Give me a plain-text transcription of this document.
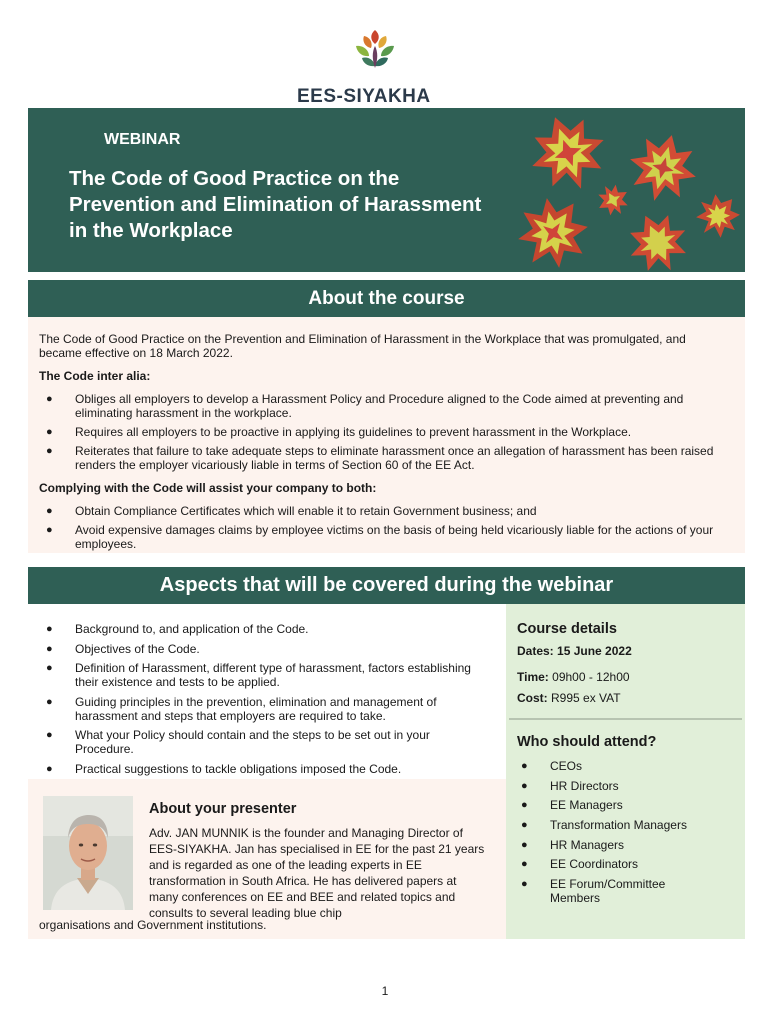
EES-SIYAKHA
WEBINAR
The Code of Good Practice on the Prevention and Elimination of Harassment in the Workplace
About the course

The Code of Good Practice on the Prevention and Elimination of Harassment in the Workplace that was promulgated, and became effective on 18 March 2022.

The Code inter alia:

● Obliges all employers to develop a Harassment Policy and Procedure aligned to the Code aimed at preventing and eliminating harassment in the workplace.
● Requires all employers to be proactive in applying its guidelines to prevent harassment in the Workplace.
● Reiterates that failure to take adequate steps to eliminate harassment once an allegation of harassment has been raised renders the employer vicariously liable in terms of Section 60 of the EE Act.

Complying with the Code will assist your company to both:

● Obtain Compliance Certificates which will enable it to retain Government business; and
● Avoid expensive damages claims by employee victims on the basis of being held vicariously liable for the actions of your employees.
Aspects that will be covered during the webinar
● Background to, and application of the Code.
● Objectives of the Code.
● Definition of Harassment, different type of harassment, factors establishing their existence and tests to be applied.
● Guiding principles in the prevention, elimination and management of harassment and steps that employers are required to take.
● What your Policy should contain and the steps to be set out in your Procedure.
● Practical suggestions to tackle obligations imposed the Code.
About your presenter
Adv. JAN MUNNIK is the founder and Managing Director of EES-SIYAKHA. Jan has specialised in EE for the past 21 years and is regarded as one of the leading experts in EE transformation in South Africa. He has delivered papers at many conferences on EE and BEE and related topics and consults to several leading blue chip
organisations and Government institutions.
Course details
Dates: 15 June 2022
Time: 09h00 - 12h00
Cost: R995 ex VAT
Who should attend?
● CEOs
● HR Directors
● EE Managers
● Transformation Managers
● HR Managers
● EE Coordinators
● EE Forum/Committee Members
1
